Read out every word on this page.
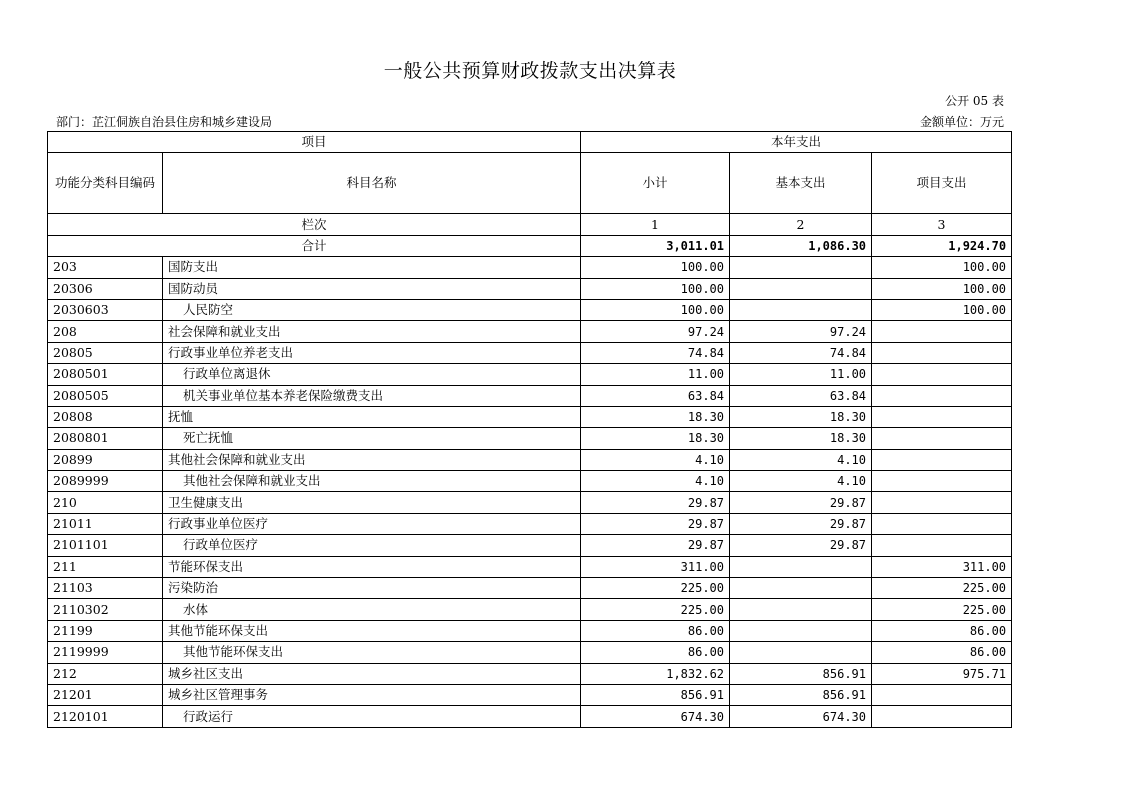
一般公共预算财政拨款支出决算表
公开 05 表
部门：芷江侗族自治县住房和城乡建设局	金额单位：万元
项目		本年支出		
功能分类科目编码	科目名称	小计	基本支出	项目支出
栏次		1	2	3
合计		3,011.01	1,086.30	1,924.70
203	国防支出	100.00		100.00
20306	国防动员	100.00		100.00
2030603	人民防空	100.00		100.00
208	社会保障和就业支出	97.24	97.24	
20805	行政事业单位养老支出	74.84	74.84	
2080501	行政单位离退休	11.00	11.00	
2080505	机关事业单位基本养老保险缴费支出	63.84	63.84	
20808	抚恤	18.30	18.30	
2080801	死亡抚恤	18.30	18.30	
20899	其他社会保障和就业支出	4.10	4.10	
2089999	其他社会保障和就业支出	4.10	4.10	
210	卫生健康支出	29.87	29.87	
21011	行政事业单位医疗	29.87	29.87	
2101101	行政单位医疗	29.87	29.87	
211	节能环保支出	311.00		311.00
21103	污染防治	225.00		225.00
2110302	水体	225.00		225.00
21199	其他节能环保支出	86.00		86.00
2119999	其他节能环保支出	86.00		86.00
212	城乡社区支出	1,832.62	856.91	975.71
21201	城乡社区管理事务	856.91	856.91	
2120101	行政运行	674.30	674.30	
